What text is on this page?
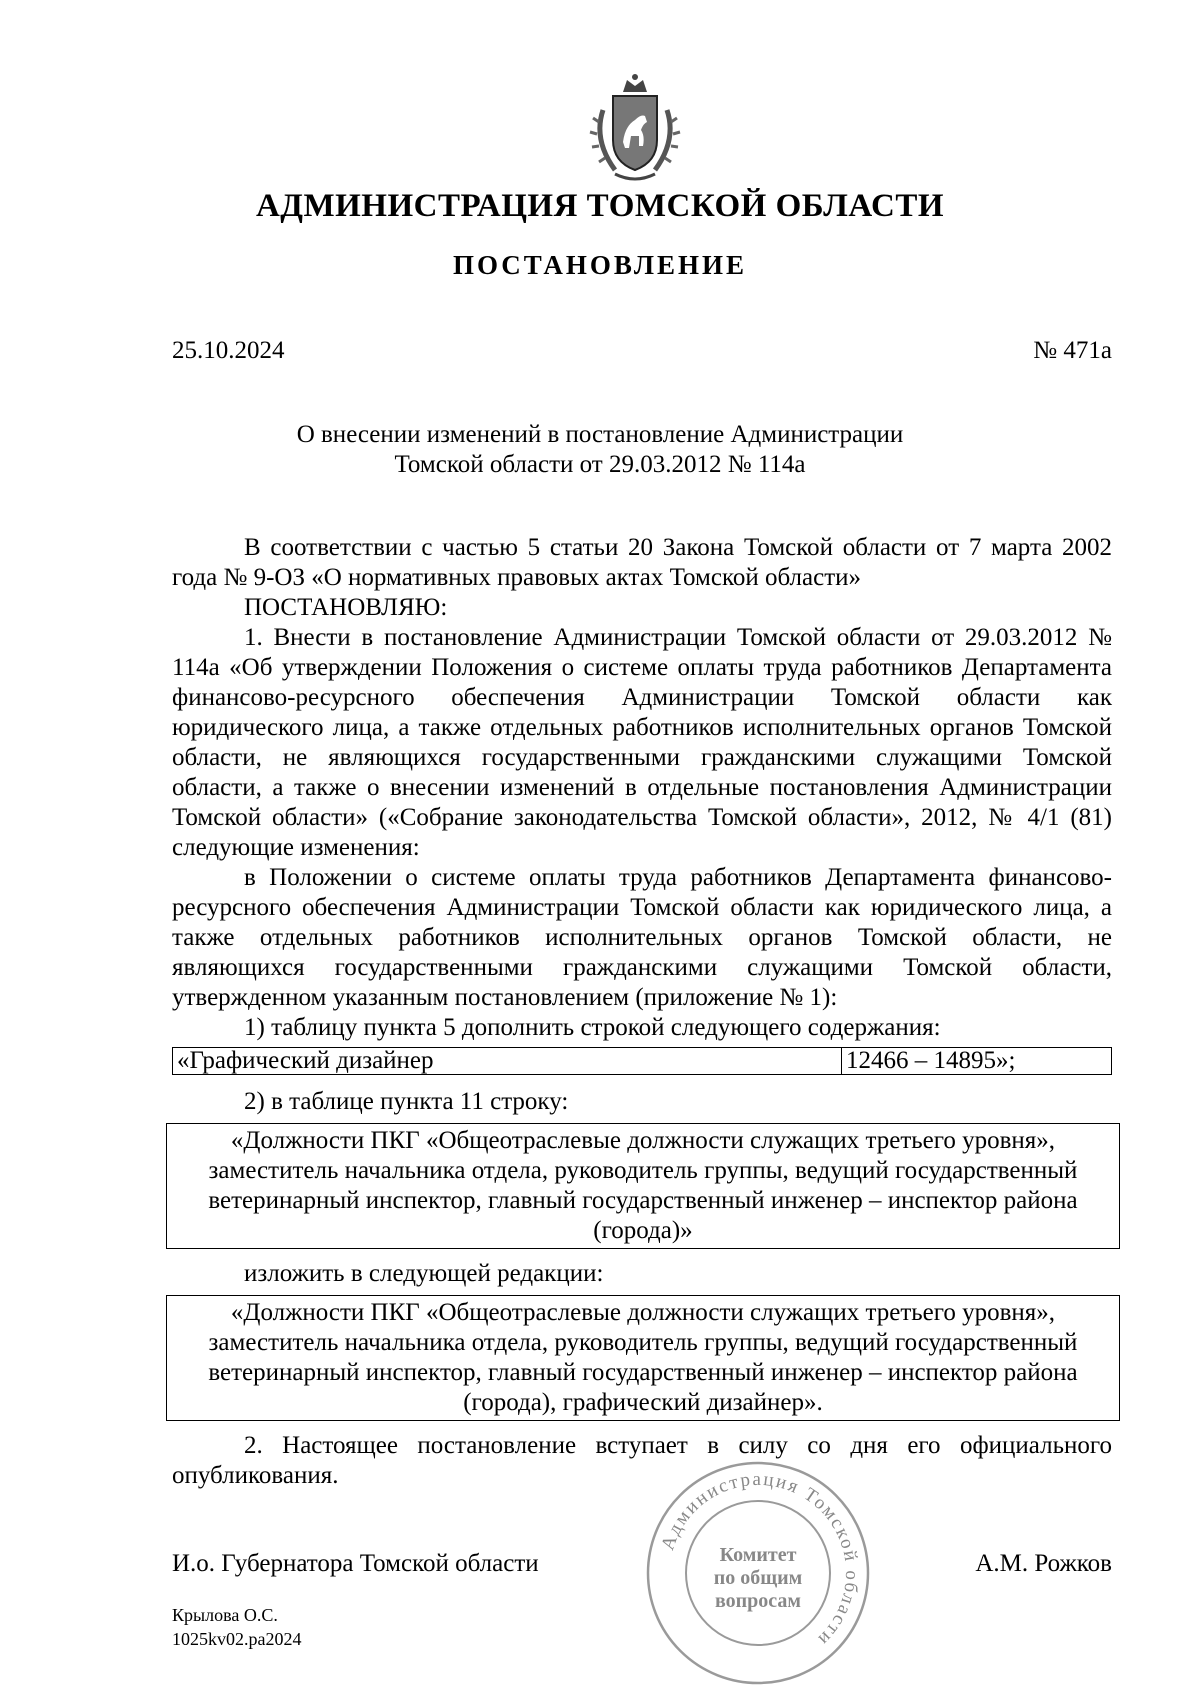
АДМИНИСТРАЦИЯ ТОМСКОЙ ОБЛАСТИ
ПОСТАНОВЛЕНИЕ
25.10.2024	№ 471а
О внесении изменений в постановление Администрации
Томской области от 29.03.2012 № 114а

В соответствии с частью 5 статьи 20 Закона Томской области от 7 марта 2002 года № 9-ОЗ «О нормативных правовых актах Томской области»

ПОСТАНОВЛЯЮ:

1. Внести в постановление Администрации Томской области от 29.03.2012 № 114а «Об утверждении Положения о системе оплаты труда работников Департамента финансово-ресурсного обеспечения Администрации Томской области как юридического лица, а также отдельных работников исполнительных органов Томской области, не являющихся государственными гражданскими служащими Томской области, а также о внесении изменений в отдельные постановления Администрации Томской области» («Собрание законодательства Томской области», 2012, № 4/1 (81) следующие изменения:

в Положении о системе оплаты труда работников Департамента финансово-ресурсного обеспечения Администрации Томской области как юридического лица, а также отдельных работников исполнительных органов Томской области, не являющихся государственными гражданскими служащими Томской области, утвержденном указанным постановлением (приложение № 1):

1) таблицу пункта 5 дополнить строкой следующего содержания:

«Графический дизайнер	12466 – 14895»;

2) в таблице пункта 11 строку:

«Должности ПКГ «Общеотраслевые должности служащих третьего уровня», заместитель начальника отдела, руководитель группы, ведущий государственный ветеринарный инспектор, главный государственный инженер – инспектор района (города)»

изложить в следующей редакции:

«Должности ПКГ «Общеотраслевые должности служащих третьего уровня», заместитель начальника отдела, руководитель группы, ведущий государственный ветеринарный инспектор, главный государственный инженер – инспектор района (города), графический дизайнер».

2. Настоящее постановление вступает в силу со дня его официального опубликования.

И.о. Губернатора Томской области	А.М. Рожков
Крылова О.С.
1025kv02.pa2024
Администрация Томской области
Комитет
по общим
вопросам
